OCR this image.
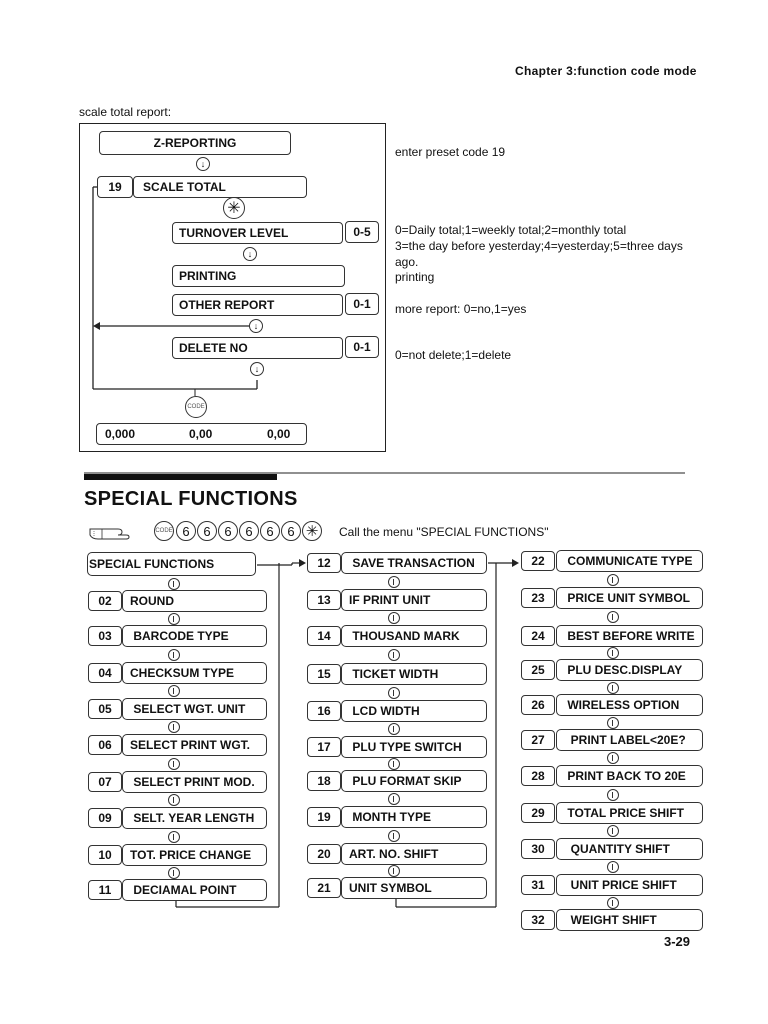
Chapter 3:function code mode
scale total report:
Z-REPORTING
↓
19 SCALE TOTAL
✳
TURNOVER LEVEL	0-5
↓
PRINTING
OTHER REPORT	0-1
↓
DELETE NO	0-1
↓
CODE
0,000	0,00	0,00
enter preset code 19
0=Daily total;1=weekly total;2=monthly total
3=the day before yesterday;4=yesterday;5=three days
ago.
printing
more report: 0=no,1=yes
0=not delete;1=delete
SPECIAL FUNCTIONS
CODE 6	6	6	6	6	6 ✳	Call the menu "SPECIAL FUNCTIONS"
SPECIAL FUNCTIONS
02	ROUND
03	BARCODE TYPE
04	CHECKSUM TYPE
05	SELECT WGT. UNIT
06	SELECT PRINT WGT.
07	SELECT PRINT MOD.
09	SELT. YEAR LENGTH
10	TOT. PRICE CHANGE
11	DECIAMAL POINT
12	SAVE TRANSACTION
13	IF PRINT UNIT
14	THOUSAND MARK
15	TICKET WIDTH
16	LCD WIDTH
17	PLU TYPE SWITCH
18	PLU FORMAT SKIP
19	MONTH TYPE
20	ART. NO. SHIFT
21	UNIT SYMBOL
22	COMMUNICATE TYPE
23	PRICE UNIT SYMBOL
24	BEST BEFORE WRITE
25	PLU DESC.DISPLAY
26	WIRELESS OPTION
27	PRINT LABEL<20E?
28	PRINT BACK TO 20E
29	TOTAL PRICE SHIFT
30	QUANTITY SHIFT
31	UNIT PRICE SHIFT
32	WEIGHT SHIFT
3-29
